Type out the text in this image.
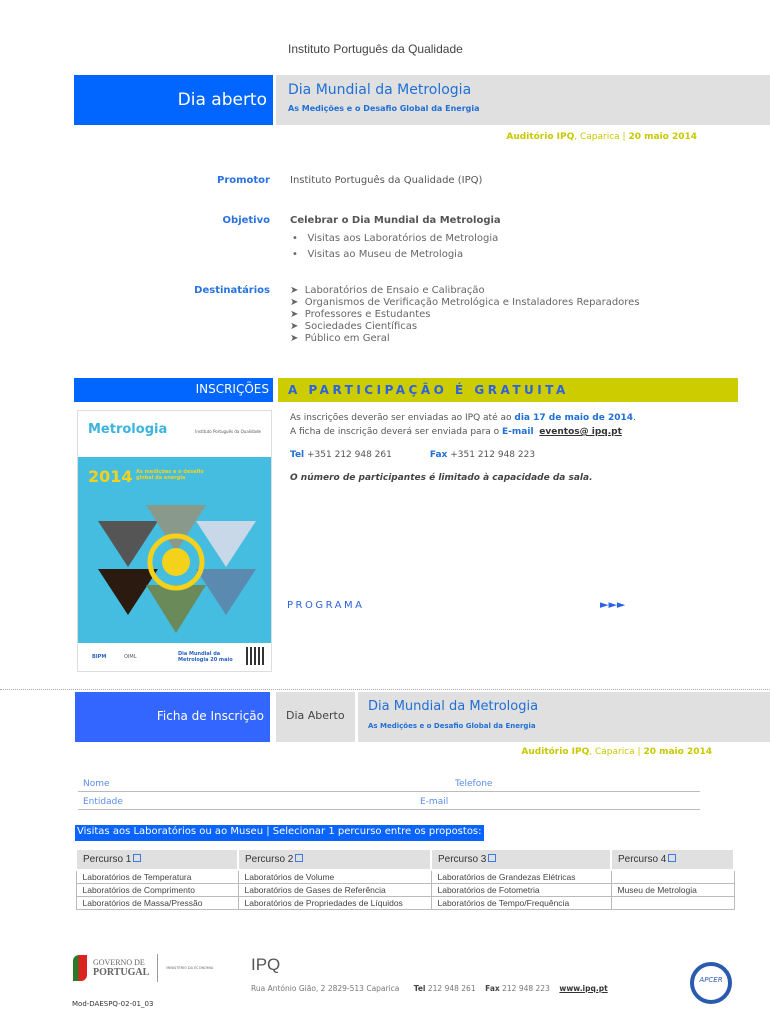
Instituto Português da Qualidade
Dia aberto	Dia Mundial da Metrologia
As Medições e o Desafio Global da Energia
Auditório IPQ, Caparica | 20 maio 2014
Promotor Instituto Português da Qualidade (IPQ)
Objetivo Celebrar o Dia Mundial da Metrologia
•   Visitas aos Laboratórios de Metrologia
•   Visitas ao Museu de Metrologia
Destinatários ➤  Laboratórios de Ensaio e Calibração
➤  Organismos de Verificação Metrológica e Instaladores Reparadores
➤  Professores e Estudantes
➤  Sociedades Científicas
➤  Público em Geral
INSCRIÇÕES	A PARTICIPAÇÃO É GRATUITA
As inscrições deverão ser enviadas ao IPQ até ao dia 17 de maio de 2014.
A ficha de inscrição deverá ser enviada para o E-mail eventos@ ipq.pt
Tel +351 212 948 261	Fax +351 212 948 223
O número de participantes é limitado à capacidade da sala.
Metrologia	Instituto Português da Qualidade
2014 As medições e o desafio global da energia
BIPM	OIML	Dia Mundial da Metrologia 20 maio
PROGRAMA	►►►
Ficha de Inscrição	Dia Aberto
Dia Mundial da Metrologia
As Medições e o Desafio Global da Energia
Auditório IPQ, Caparica | 20 maio 2014
Nome	Telefone
Entidade	E-mail
Visitas aos Laboratórios ou ao Museu | Selecionar 1 percurso entre os propostos:
Percurso 1	Percurso 2	Percurso 3	Percurso 4
Laboratórios de Temperatura	Laboratórios de Volume	Laboratórios de Grandezas Elétricas	
Laboratórios de Comprimento	Laboratórios de Gases de Referência	Laboratórios de Fotometria	Museu de Metrologia
Laboratórios de Massa/Pressão	Laboratórios de Propriedades de Líquidos	Laboratórios de Tempo/Frequência	
GOVERNO DE
PORTUGAL	MINISTÉRIO DA ECONOMIA IPQ
Rua António Gião, 2 2829-513 Caparica Tel 212 948 261 Fax 212 948 223 www.ipq.pt
Mod-DAESPQ-02-01_03
APCER
